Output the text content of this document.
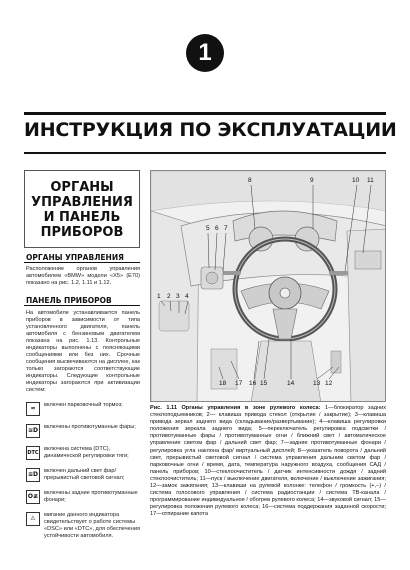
1
ИНСТРУКЦИЯ ПО ЭКСПЛУАТАЦИИ
ОРГАНЫ
УПРАВЛЕНИЯ
И ПАНЕЛЬ
ПРИБОРОВ
ОРГАНЫ УПРАВЛЕНИЯ
Расположение органов управления автомобилем «BMW» модели «X5» (E70) показано на рис. 1.2, 1.11 и 1.12.
ПАНЕЛЬ ПРИБОРОВ
На автомобиле устанавливается панель приборов в зависимости от типа установленного двигателя, панель автомобиля с бензиновым двигателем показана на рис. 1.13. Контрольные индикаторы выполнены с поясняющими сообщениями или без них. Срочные сообщения высвечиваются на дисплее, как только загораются соответствующие индикаторы. Следующие контрольные индикаторы загораются при активизации систем:
≈	включен парковочный тормоз;
≋D	включены противотуманные фары;
DTC
включена система (DTC), динамической регулировки тяги;
≡D	включен дальний свет фар/прерывистый световой сигнал;
O≢	включены задние противотуманные фонари;
⚠	мигание данного индикатора свидетельствует о работе системы «DSC» или «DTC», для обеспечения устойчивости автомобиля.
1 2 3 4
5 6 7
8	9	10 11
12
13
14
15
16
17
18
Рис. 1.11 Органы управления в зоне рулевого колеса: 1—блокиратор задних стеклоподъемников; 2— клавиша привода стекол (открытие / закрытие); 3—клавиша привода зеркал заднего вида (складывание/развертывание); 4—клавиша регулировки положения зеркала заднего вида; 5—переключатель регулировка подсветки / противотуманные фары / противотуманные огни / ближний свет / автоматическое управление светом фар / дальний свет фар; 7—задние противотуманные фонари / регулировка угла наклона фар/ виртуальный дисплей; 8—указатель поворота / дальний свет, прерывистый световой сигнал / система управления дальним светом фар / парковочные огни / время, дата, температура наружного воздуха, сообщения САД / панель приборов; 10—стеклоочиститель / датчик интенсивности дождя / задний стеклоочиститель; 11—пуск / выключение двигателя, включение / выключение зажигания; 12—замок зажигания; 13—клавиши на рулевой колонке: телефон / громкость (+,–) / система голосового управления / система радиостанции / система ТВ-канала / программирование индивидуальное / обогрев рулевого колеса; 14—звуковой сигнал; 15—регулировка положения рулевого колеса; 16—система поддержания заданной скорости; 17—отпирание капота
